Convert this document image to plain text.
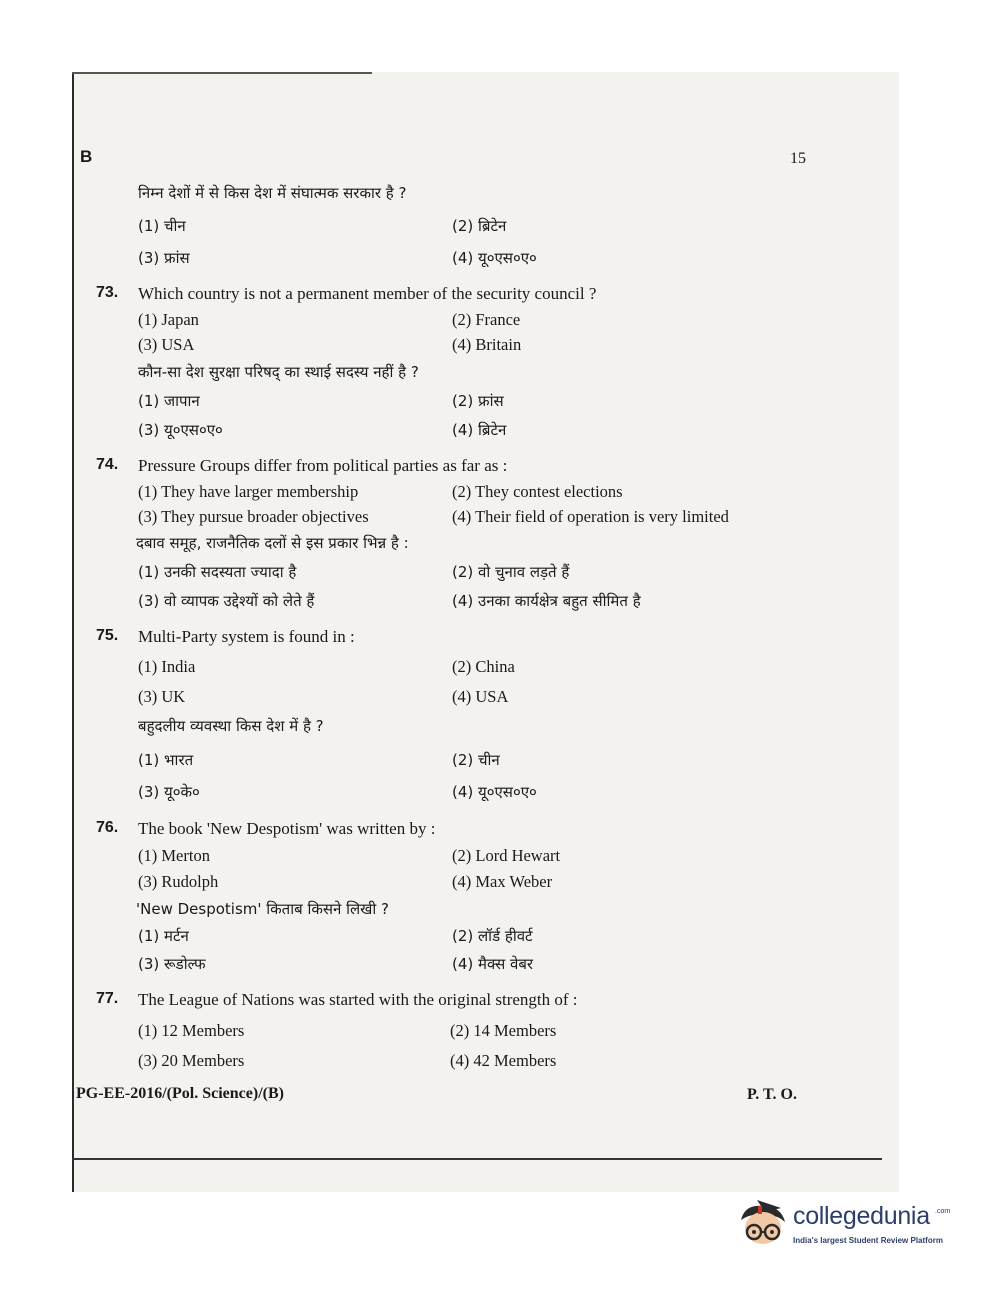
B	15
निम्न देशों में से किस देश में संघात्मक सरकार है ?
(1) चीन	(2) ब्रिटेन
(3) फ्रांस	(4) यू०एस०ए०
73. Which country is not a permanent member of the security council ?
(1) Japan	(2) France
(3) USA	(4) Britain
कौन-सा देश सुरक्षा परिषद् का स्थाई सदस्य नहीं है ?
(1) जापान	(2) फ्रांस
(3) यू०एस०ए०	(4) ब्रिटेन
74. Pressure Groups differ from political parties as far as :
(1) They have larger membership	(2) They contest elections
(3) They pursue broader objectives	(4) Their field of operation is very limited
दबाव समूह, राजनैतिक दलों से इस प्रकार भिन्न है :
(1) उनकी सदस्यता ज्यादा है	(2) वो चुनाव लड़ते हैं
(3) वो व्यापक उद्देश्यों को लेते हैं	(4) उनका कार्यक्षेत्र बहुत सीमित है
75. Multi-Party system is found in :
(1) India	(2) China
(3) UK	(4) USA
बहुदलीय व्यवस्था किस देश में है ?
(1) भारत	(2) चीन
(3) यू०के०	(4) यू०एस०ए०
76. The book 'New Despotism' was written by :
(1) Merton	(2) Lord Hewart
(3) Rudolph	(4) Max Weber
'New Despotism' किताब किसने लिखी ?
(1) मर्टन	(2) लॉर्ड हीवर्ट
(3) रूडोल्फ	(4) मैक्स वेबर
77. The League of Nations was started with the original strength of :
(1) 12 Members	(2) 14 Members
(3) 20 Members	(4) 42 Members
PG-EE-2016/(Pol. Science)/(B)	P. T. O.
collegedunia .com
India's largest Student Review Platform
